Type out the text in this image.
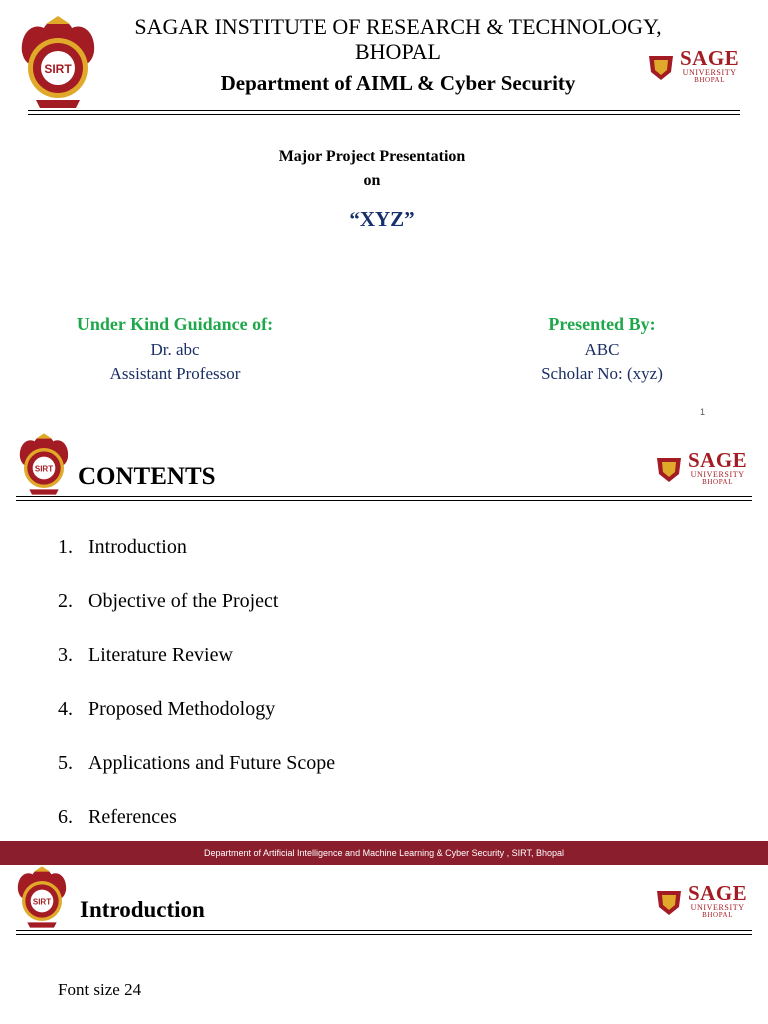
SIRT
SAGAR INSTITUTE OF RESEARCH & TECHNOLOGY,
BHOPAL
Department of AIML & Cyber Security
SAGE
UNIVERSITY
BHOPAL
Major Project Presentation
on
“XYZ”
Under Kind Guidance of:
Dr. abc
Assistant Professor
Presented By:
ABC
Scholar No: (xyz)
1
SIRT CONTENTS
SAGE
UNIVERSITY
BHOPAL
1. Introduction
2. Objective of the Project
3. Literature Review
4. Proposed Methodology
5. Applications and Future Scope
6. References
Department of Artificial Intelligence and Machine Learning & Cyber Security , SIRT, Bhopal
SIRT Introduction
SAGE
UNIVERSITY
BHOPAL
Font size 24
